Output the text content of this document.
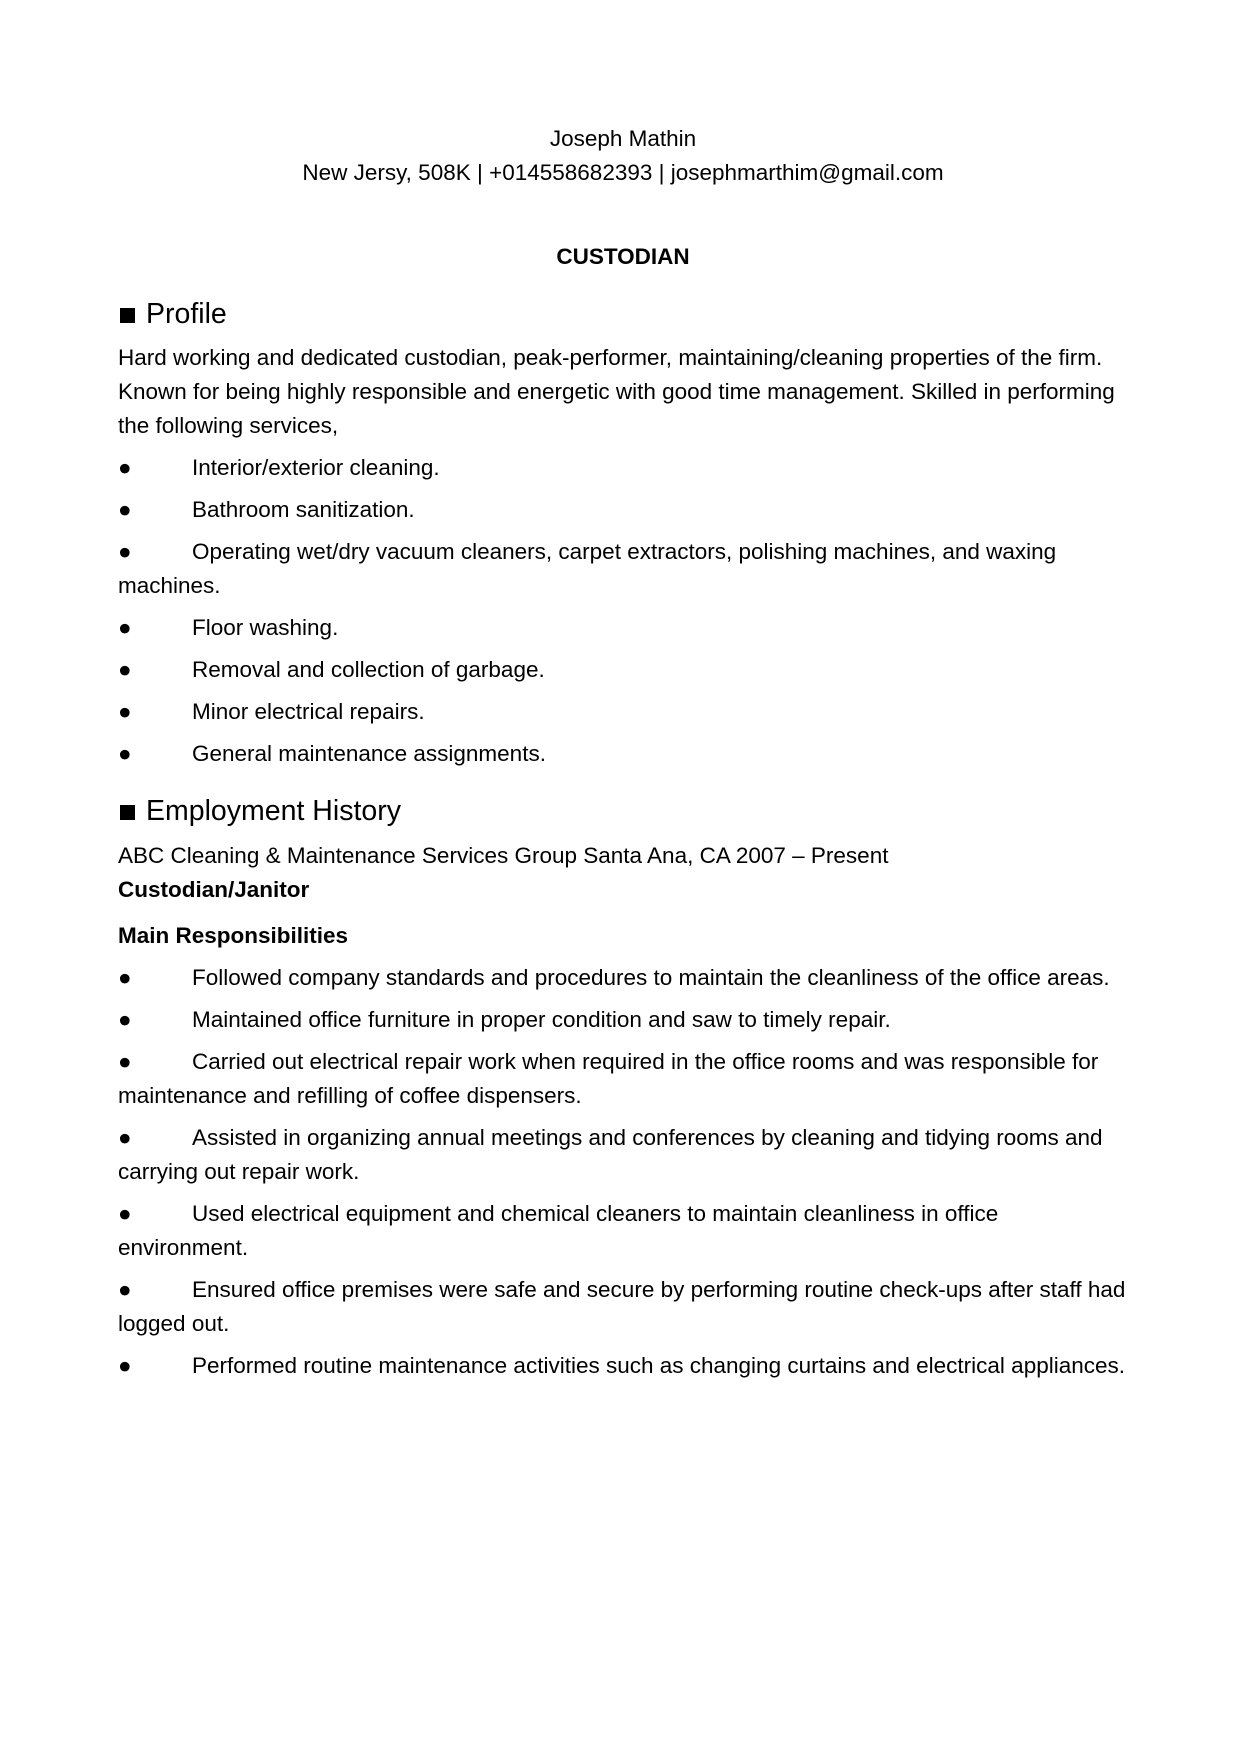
Joseph Mathin
New Jersy, 508K | +014558682393 | josephmarthim@gmail.com
CUSTODIAN
Profile
Hard working and dedicated custodian, peak-performer, maintaining/cleaning properties of the firm. Known for being highly responsible and energetic with good time management. Skilled in performing the following services,
●	Interior/exterior cleaning.
●	Bathroom sanitization.
●	Operating wet/dry vacuum cleaners, carpet extractors, polishing machines, and waxing machines.
●	Floor washing.
●	Removal and collection of garbage.
●	Minor electrical repairs.
●	General maintenance assignments.
Employment History
ABC Cleaning & Maintenance Services Group Santa Ana, CA 2007 – Present
Custodian/Janitor
Main Responsibilities
●	Followed company standards and procedures to maintain the cleanliness of the office areas.
●	Maintained office furniture in proper condition and saw to timely repair.
●	Carried out electrical repair work when required in the office rooms and was responsible for maintenance and refilling of coffee dispensers.
●	Assisted in organizing annual meetings and conferences by cleaning and tidying rooms and carrying out repair work.
●	Used electrical equipment and chemical cleaners to maintain cleanliness in office environment.
●	Ensured office premises were safe and secure by performing routine check-ups after staff had logged out.
●	Performed routine maintenance activities such as changing curtains and electrical appliances.
